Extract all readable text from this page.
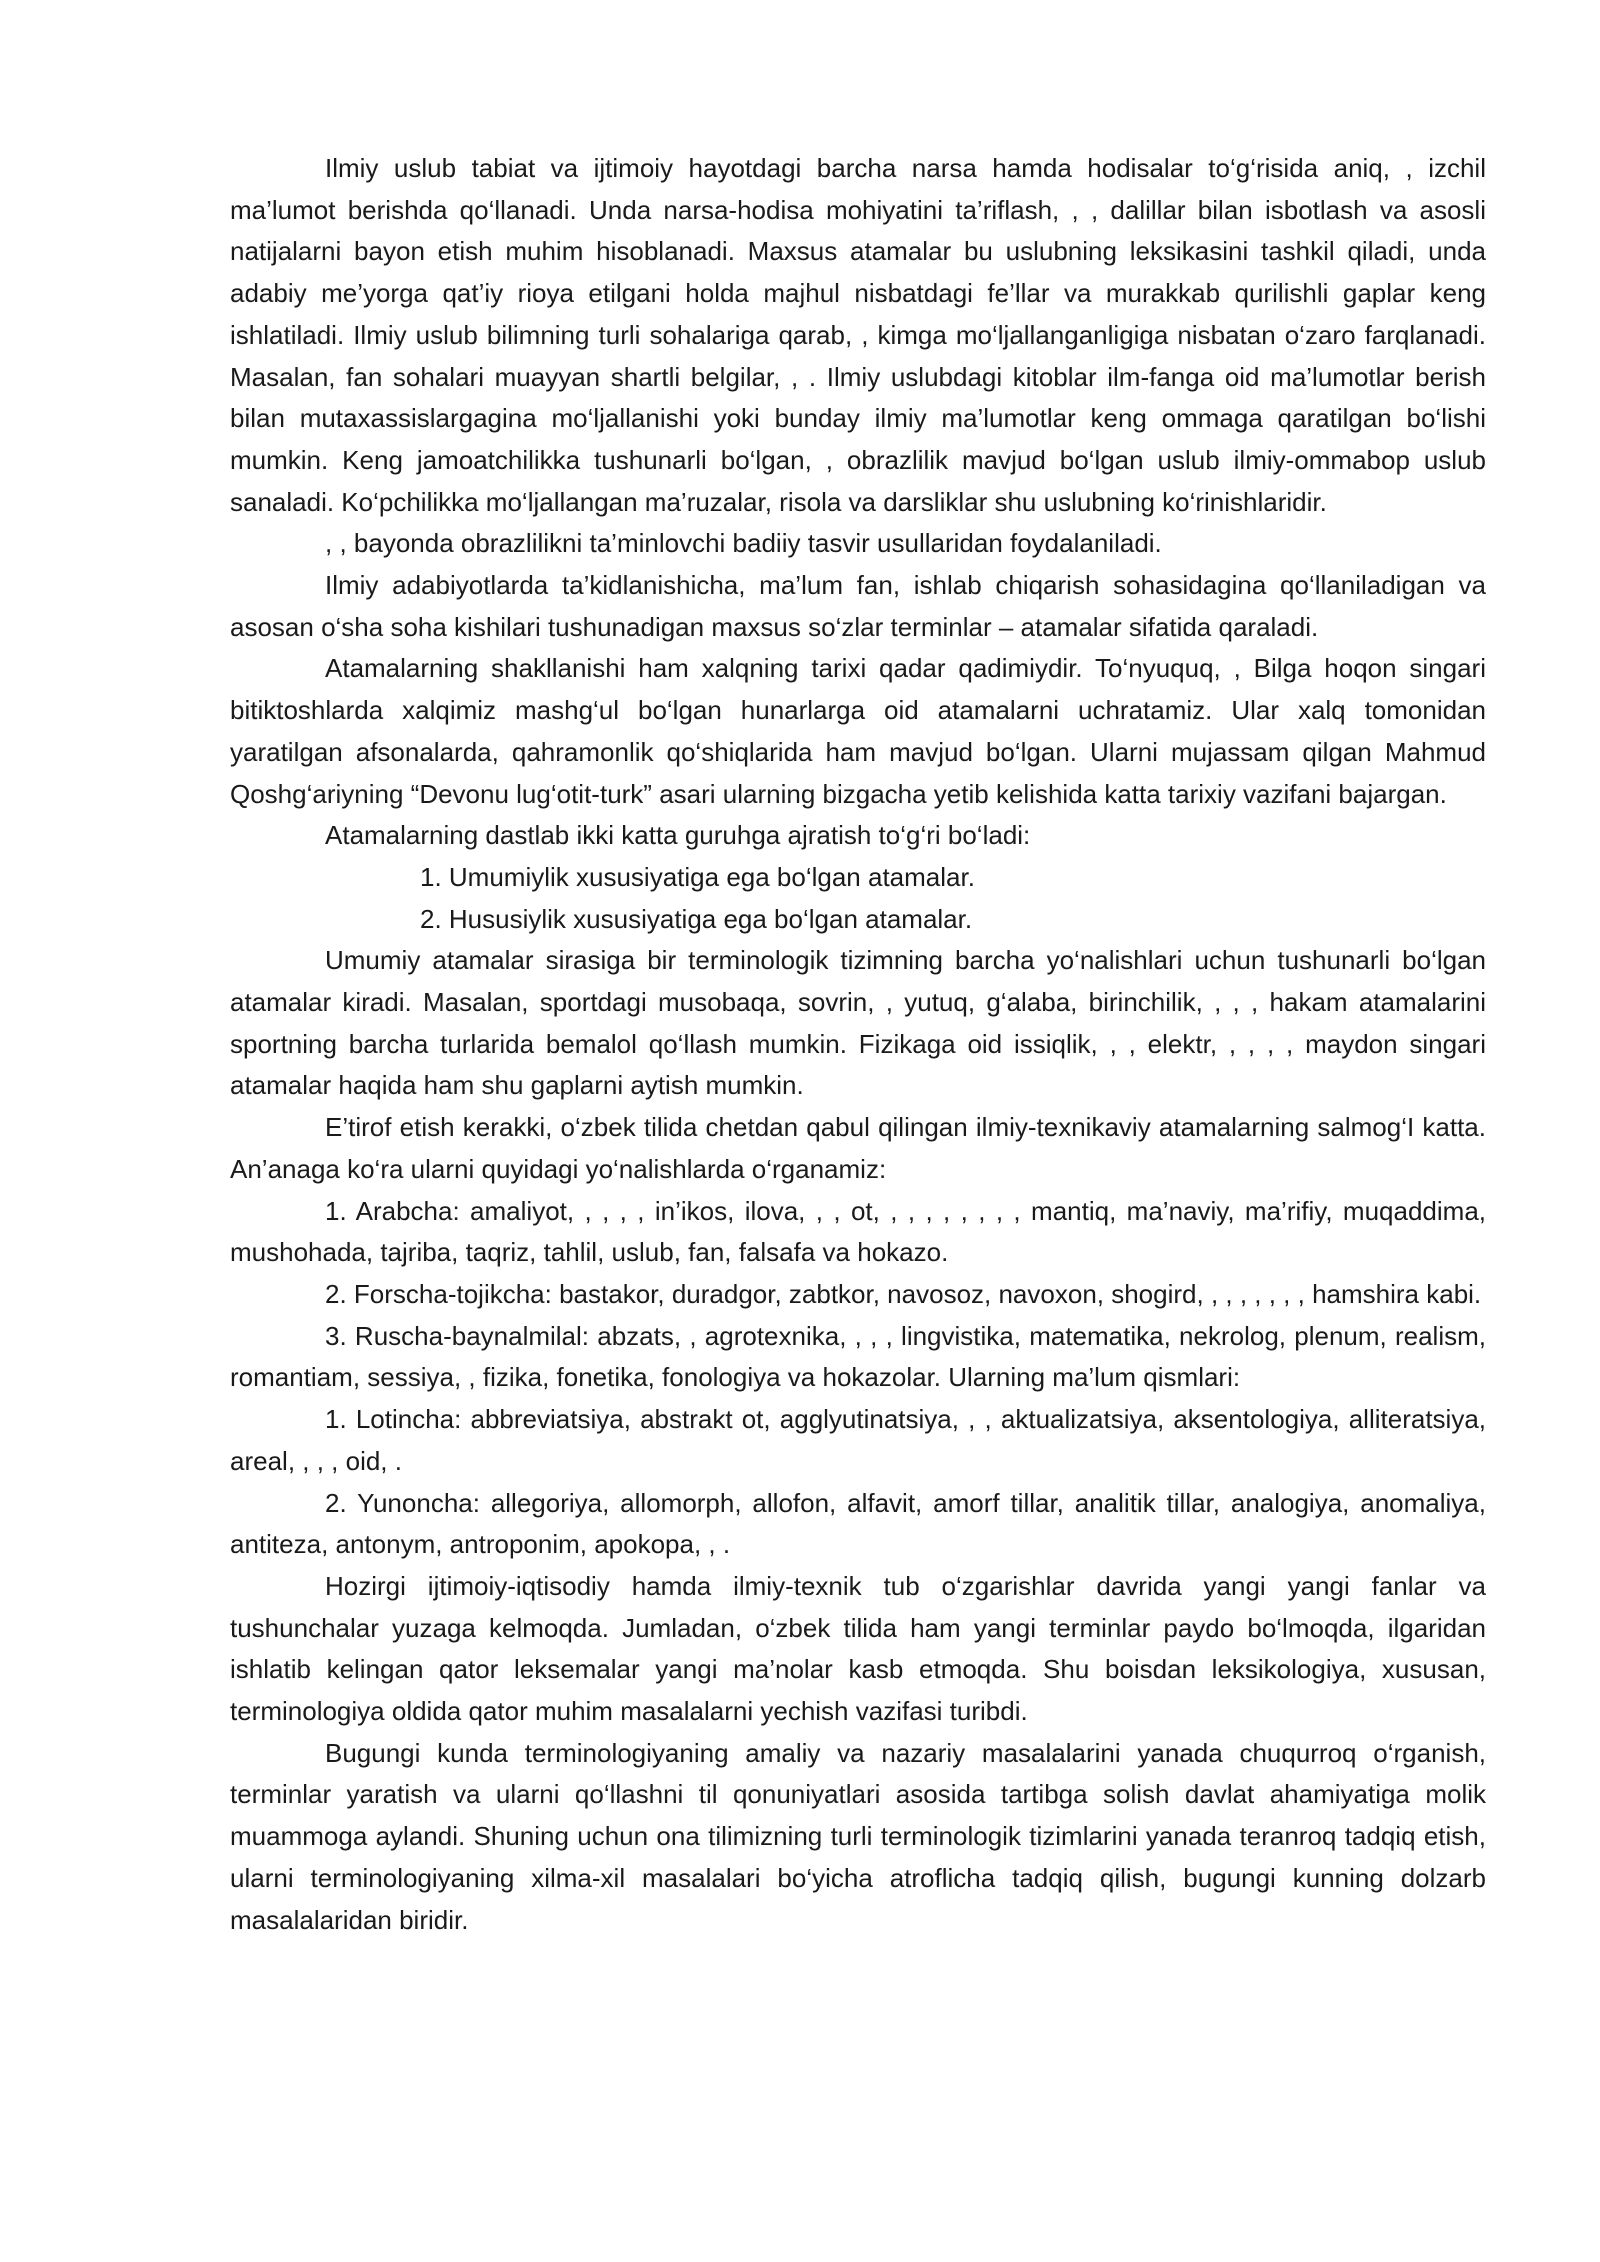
Ilmiy uslub tabiat va ijtimoiy hayotdagi barcha narsa hamda hodisalar to‘g‘risida aniq, , izchil ma’lumot berishda qo‘llanadi. Unda narsa-hodisa mohiyatini ta’riflash, , , dalillar bilan isbotlash va asosli natijalarni bayon etish muhim hisoblanadi. Maxsus atamalar bu uslubning leksikasini tashkil qiladi, unda adabiy me’yorga qat’iy rioya etilgani holda majhul nisbatdagi fe’llar va murakkab qurilishli gaplar keng ishlatiladi. Ilmiy uslub bilimning turli sohalariga qarab, , kimga mo‘ljallanganligiga nisbatan o‘zaro farqlanadi. Masalan, fan sohalari muayyan shartli belgilar, , . Ilmiy uslubdagi kitoblar ilm-fanga oid ma’lumotlar berish bilan mutaxassislargagina mo‘ljallanishi yoki bunday ilmiy ma’lumotlar keng ommaga qaratilgan bo‘lishi mumkin. Keng jamoatchilikka tushunarli bo‘lgan, , obrazlilik mavjud bo‘lgan uslub ilmiy-ommabop uslub sanaladi. Ko‘pchilikka mo‘ljallangan ma’ruzalar, risola va darsliklar shu uslubning ko‘rinishlaridir.

, , bayonda obrazlilikni ta’minlovchi badiiy tasvir usullaridan foydalaniladi.

Ilmiy adabiyotlarda ta’kidlanishicha, ma’lum fan, ishlab chiqarish sohasidagina qo‘llaniladigan va asosan o‘sha soha kishilari tushunadigan maxsus so‘zlar terminlar – atamalar sifatida qaraladi.

Atamalarning shakllanishi ham xalqning tarixi qadar qadimiydir. To‘nyuquq, , Bilga hoqon singari bitiktoshlarda xalqimiz mashg‘ul bo‘lgan hunarlarga oid atamalarni uchratamiz. Ular xalq tomonidan yaratilgan afsonalarda, qahramonlik qo‘shiqlarida ham mavjud bo‘lgan. Ularni mujassam qilgan Mahmud Qoshg‘ariyning “Devonu lug‘otit-turk” asari ularning bizgacha yetib kelishida katta tarixiy vazifani bajargan.

Atamalarning dastlab ikki katta guruhga ajratish to‘g‘ri bo‘ladi:

1. Umumiylik xususiyatiga ega bo‘lgan atamalar.

2. Hususiylik xususiyatiga ega bo‘lgan atamalar.

Umumiy atamalar sirasiga bir terminologik tizimning barcha yo‘nalishlari uchun tushunarli bo‘lgan atamalar kiradi. Masalan, sportdagi musobaqa, sovrin, , yutuq, g‘alaba, birinchilik, , , , hakam atamalarini sportning barcha turlarida bemalol qo‘llash mumkin. Fizikaga oid issiqlik, , , elektr, , , , , maydon singari atamalar haqida ham shu gaplarni aytish mumkin.

E’tirof etish kerakki, o‘zbek tilida chetdan qabul qilingan ilmiy-texnikaviy atamalarning salmog‘I katta. An’anaga ko‘ra ularni quyidagi yo‘nalishlarda o‘rganamiz:

1. Arabcha: amaliyot, , , , , in’ikos, ilova, , , ot, , , , , , , , , mantiq, ma’naviy, ma’rifiy, muqaddima, mushohada, tajriba, taqriz, tahlil, uslub, fan, falsafa va hokazo.

2. Forscha-tojikcha: bastakor, duradgor, zabtkor, navosoz, navoxon, shogird, , , , , , , , hamshira kabi.

3. Ruscha-baynalmilal: abzats, , agrotexnika, , , , lingvistika, matematika, nekrolog, plenum, realism, romantiam, sessiya, , fizika, fonetika, fonologiya va hokazolar. Ularning ma’lum qismlari:

1. Lotincha: abbreviatsiya, abstrakt ot, agglyutinatsiya, , , aktualizatsiya, aksentologiya, alliteratsiya, areal, , , , oid, .

2. Yunoncha: allegoriya, allomorph, allofon, alfavit, amorf tillar, analitik tillar, analogiya, anomaliya, antiteza, antonym, antroponim, apokopa, , .

Hozirgi ijtimoiy-iqtisodiy hamda ilmiy-texnik tub o‘zgarishlar davrida yangi yangi fanlar va tushunchalar yuzaga kelmoqda. Jumladan, o‘zbek tilida ham yangi terminlar paydo bo‘lmoqda, ilgaridan ishlatib kelingan qator leksemalar yangi ma’nolar kasb etmoqda. Shu boisdan leksikologiya, xususan, terminologiya oldida qator muhim masalalarni yechish vazifasi turibdi.

Bugungi kunda terminologiyaning amaliy va nazariy masalalarini yanada chuqurroq o‘rganish, terminlar yaratish va ularni qo‘llashni til qonuniyatlari asosida tartibga solish davlat ahamiyatiga molik muammoga aylandi. Shuning uchun ona tilimizning turli terminologik tizimlarini yanada teranroq tadqiq etish, ularni terminologiyaning xilma-xil masalalari bo‘yicha atroflicha tadqiq qilish, bugungi kunning dolzarb masalalaridan biridir.
